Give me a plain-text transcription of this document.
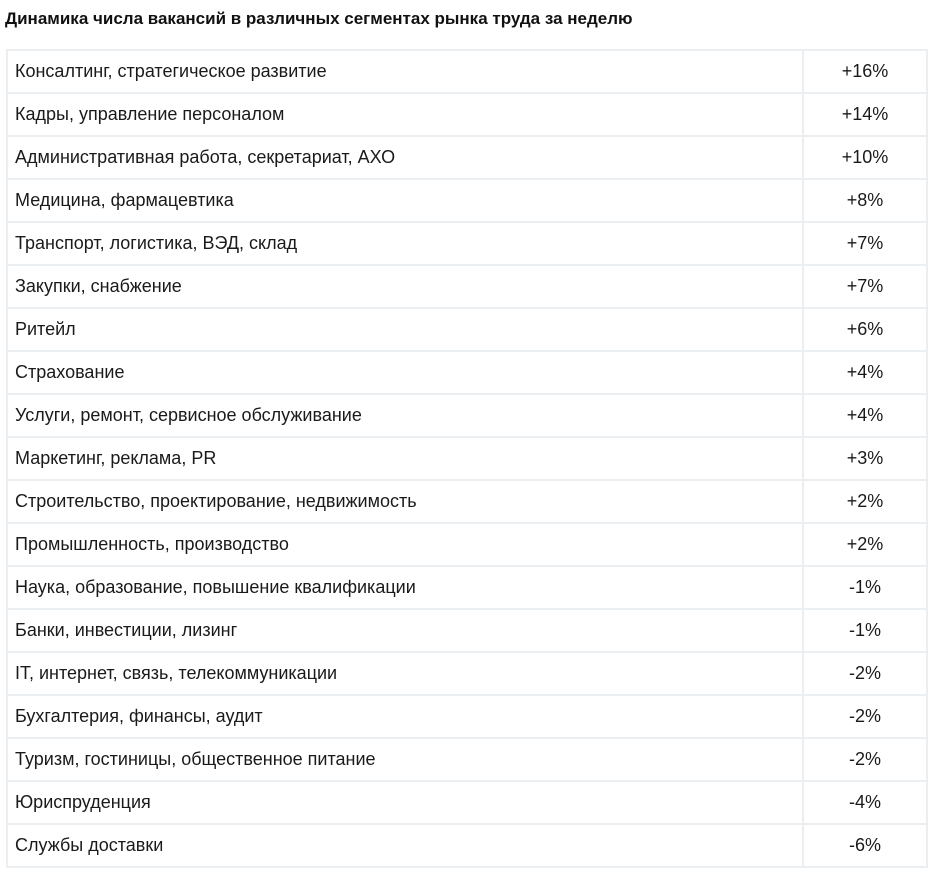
Динамика числа вакансий в различных сегментах рынка труда за неделю
Консалтинг, стратегическое развитие	+16%
Кадры, управление персоналом	+14%
Административная работа, секретариат, АХО	+10%
Медицина, фармацевтика	+8%
Транспорт, логистика, ВЭД, склад	+7%
Закупки, снабжение	+7%
Ритейл	+6%
Страхование	+4%
Услуги, ремонт, сервисное обслуживание	+4%
Маркетинг, реклама, PR	+3%
Строительство, проектирование, недвижимость	+2%
Промышленность, производство	+2%
Наука, образование, повышение квалификации	-1%
Банки, инвестиции, лизинг	-1%
IT, интернет, связь, телекоммуникации	-2%
Бухгалтерия, финансы, аудит	-2%
Туризм, гостиницы, общественное питание	-2%
Юриспруденция	-4%
Службы доставки	-6%
